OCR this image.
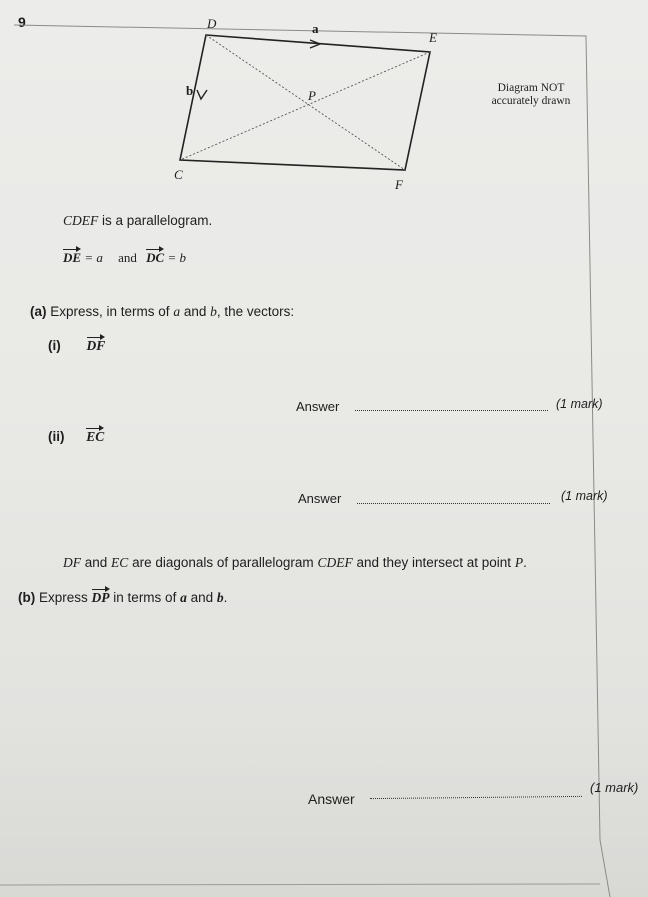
9	D
E
F
C
P
a
b	Diagram NOT
accurately drawn
CDEF is a parallelogram.
DE = a and DC = b
(a) Express, in terms of a and b, the vectors:
(i) DF
Answer	(1 mark)
(ii) EC
Answer	(1 mark)
DF and EC are diagonals of parallelogram CDEF and they intersect at point P.
(b) Express DP in terms of a and b.
Answer
(1 mark)
